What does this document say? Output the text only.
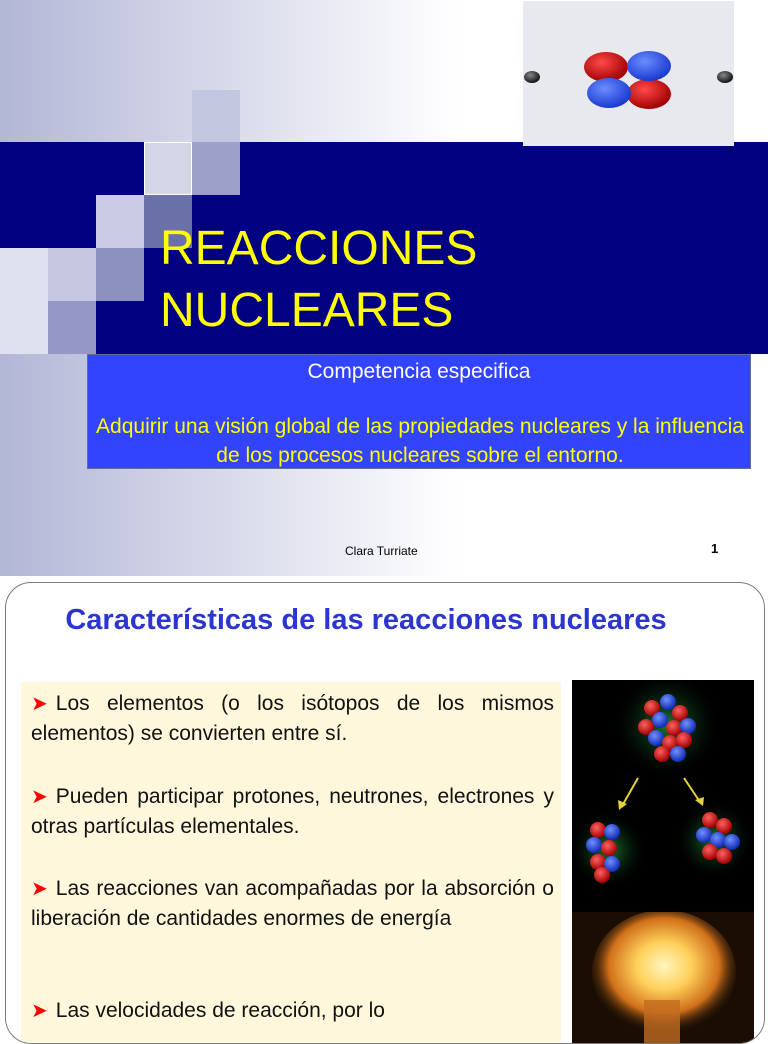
REACCIONES
NUCLEARES
Competencia especifica
Adquirir una visión global de las propiedades nucleares y la influencia de los procesos nucleares sobre el entorno.
Clara Turriate	1
Características de las reacciones nucleares
➤ Los elementos (o los isótopos de los mismos elementos) se convierten entre sí.
➤ Pueden participar protones, neutrones, electrones y otras partículas elementales.
➤ Las reacciones van acompañadas por la absorción o liberación de cantidades enormes de energía
➤ Las velocidades de reacción, por lo
